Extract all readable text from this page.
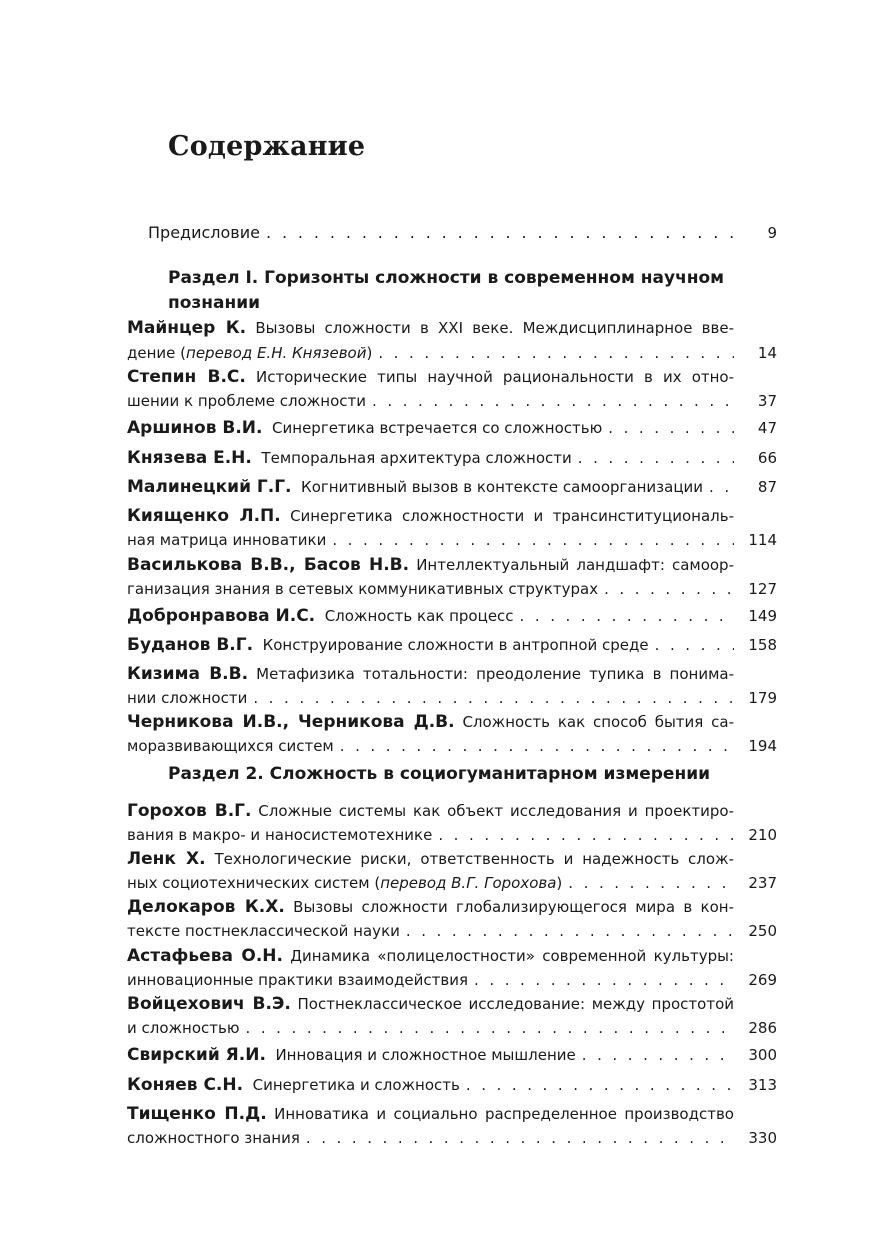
Содержание
Предисловие . . .	9
Раздел I. Горизонты сложности в современном научном
познании
Майнцер К. Вызовы сложности в XXI веке. Междисциплинарное вве-
дение (перевод Е.Н. Князевой) . . .	14
Степин В.С. Исторические типы научной рациональности в их отно-
шении к проблеме сложности . . .	37
Аршинов В.И. Синергетика встречается со сложностью . . .	47
Князева Е.Н. Темпоральная архитектура сложности . . .	66
Малинецкий Г.Г. Когнитивный вызов в контексте самоорганизации . . .	87
Киященко Л.П. Синергетика сложностности и трансинституциональ-
ная матрица инноватики . . .	114
Василькова В.В., Басов Н.В. Интеллектуальный ландшафт: самоор-
ганизация знания в сетевых коммуникативных структурах . . .	127
Добронравова И.С. Сложность как процесс . . .	149
Буданов В.Г. Конструирование сложности в антропной среде . . .	158
Кизима В.В. Метафизика тотальности: преодоление тупика в понима-
нии сложности . . .	179
Черникова И.В., Черникова Д.В. Сложность как способ бытия са-
моразвивающихся систем . . .	194
Раздел 2. Сложность в социогуманитарном измерении
Горохов В.Г. Сложные системы как объект исследования и проектиро-
вания в макро- и наносистемотехнике . . .	210
Ленк Х. Технологические риски, ответственность и надежность слож-
ных социотехнических систем (перевод В.Г. Горохова) . . .	237
Делокаров К.Х. Вызовы сложности глобализирующегося мира в кон-
тексте постнеклассической науки . . .	250
Астафьева О.Н. Динамика «полицелостности» современной культуры:
инновационные практики взаимодействия . . .	269
Войцехович В.Э. Постнеклассическое исследование: между простотой
и сложностью . . .	286
Свирский Я.И. Инновация и сложностное мышление . . .	300
Коняев С.Н. Синергетика и сложность . . .	313
Тищенко П.Д. Инноватика и социально распределенное производство
сложностного знания . . .	330
